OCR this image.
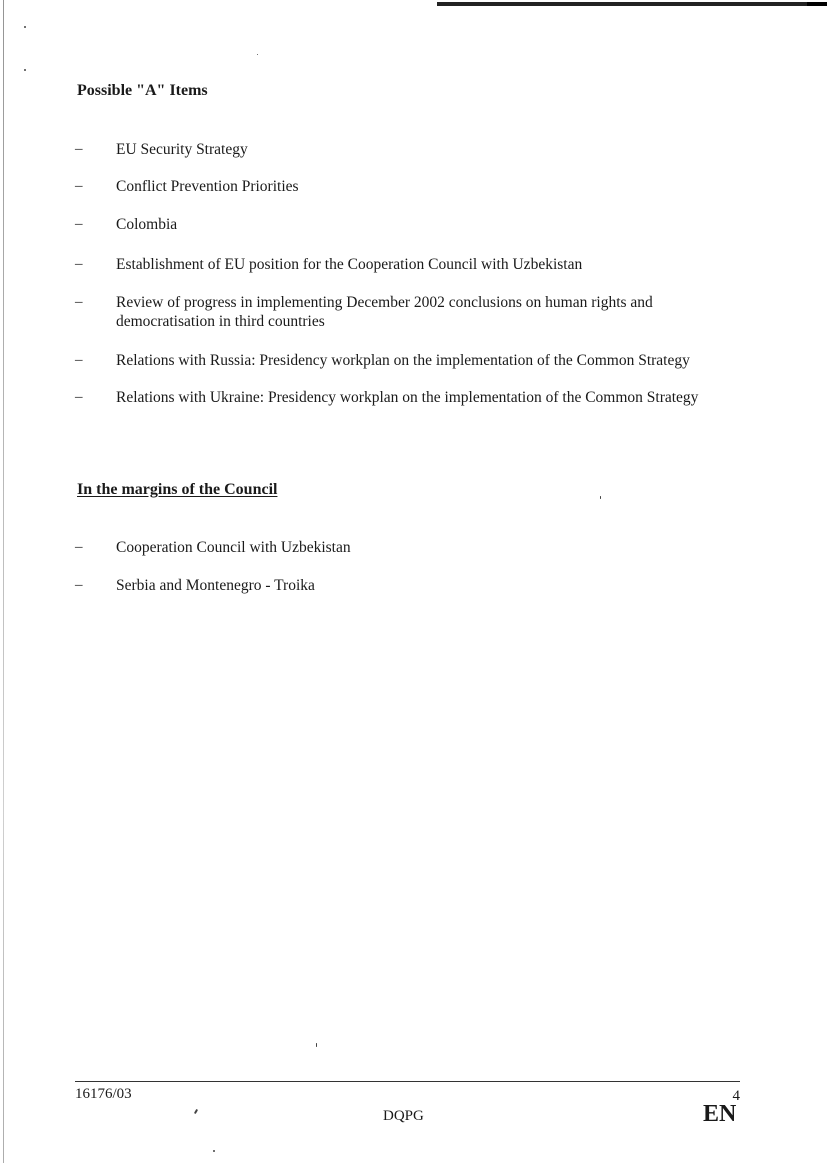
Possible "A" Items
–	EU Security Strategy
–	Conflict Prevention Priorities
–	Colombia
–	Establishment of EU position for the Cooperation Council with Uzbekistan
–	Review of progress in implementing December 2002 conclusions on human rights and democratisation in third countries
–	Relations with Russia: Presidency workplan on the implementation of the Common Strategy
–	Relations with Ukraine: Presidency workplan on the implementation of the Common Strategy
In the margins of the Council
–	Cooperation Council with Uzbekistan
–	Serbia and Montenegro - Troika
16176/03	4
DQPG	EN
